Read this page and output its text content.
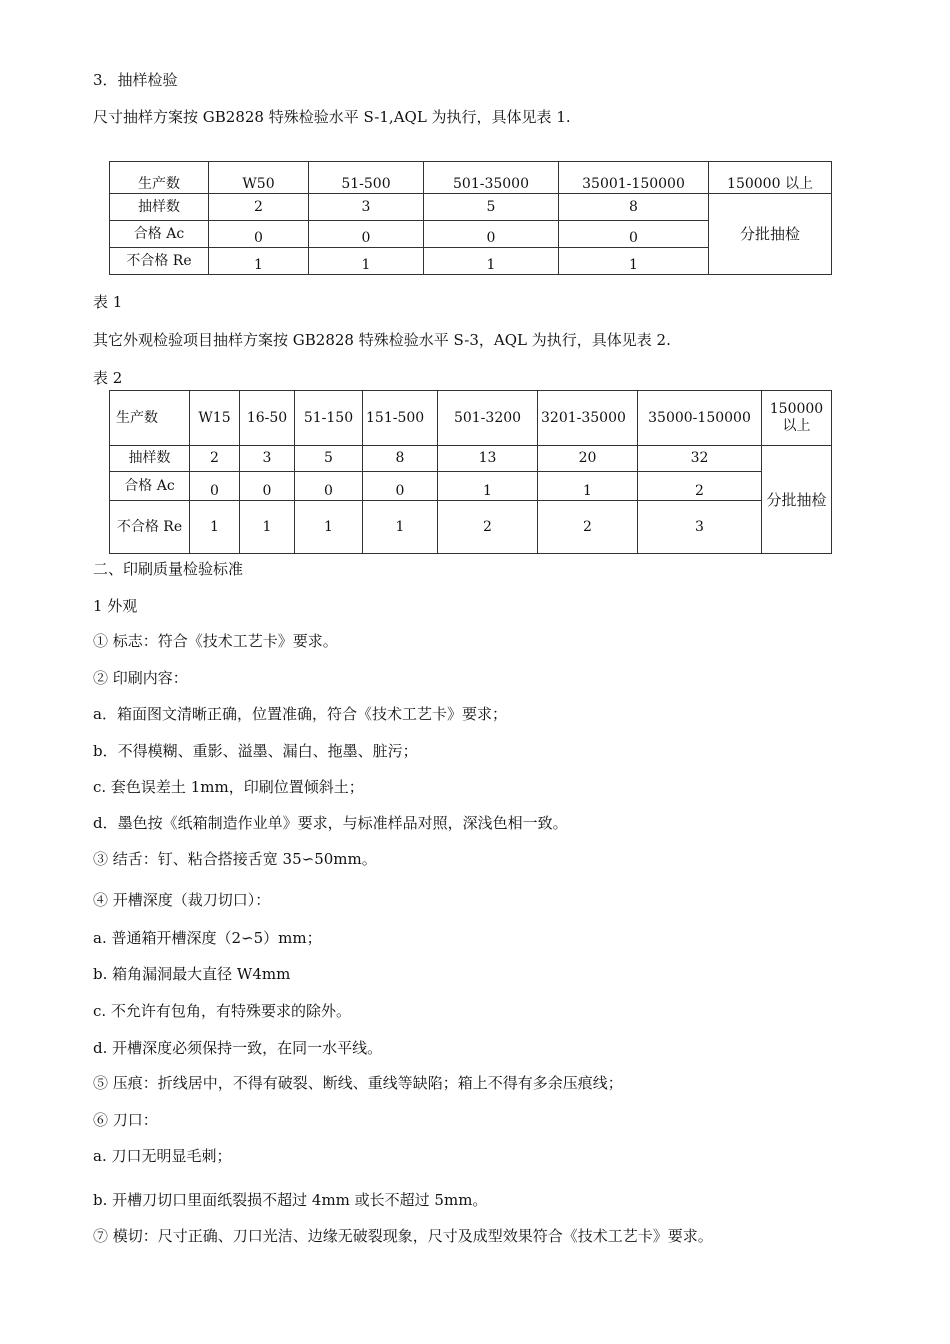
3．抽样检验
尺寸抽样方案按 GB2828 特殊检验水平 S-1,AQL 为执行，具体见表 1.
生产数	W50	51-500	501-35000	35001-150000	150000 以上
抽样数	2	3	5	8	分批抽检
合格 Ac	0	0	0	0	
不合格 Re	1	1	1	1	
表 1
其它外观检验项目抽样方案按 GB2828 特殊检验水平 S-3，AQL 为执行，具体见表 2.
表 2
生产数	W15	16-50	51-150	151-500	501-3200	3201-35000	35000-150000	150000 以上
抽样数	2	3	5	8	13	20	32	分批抽检
合格 Ac	0	0	0	0	1	1	2	
不合格 Re	1	1	1	1	2	2	3	
二、印刷质量检验标准
1 外观
① 标志：符合《技术工艺卡》要求。
② 印刷内容：
a．箱面图文清晰正确，位置准确，符合《技术工艺卡》要求；
b．不得模糊、重影、溢墨、漏白、拖墨、脏污；
c. 套色误差土 1mm，印刷位置倾斜土；
d．墨色按《纸箱制造作业单》要求，与标准样品对照，深浅色相一致。
③ 结舌：钉、粘合搭接舌宽 35∽50mm。
④ 开槽深度（裁刀切口）：
a. 普通箱开槽深度（2∽5）mm；
b. 箱角漏洞最大直径 W4mm
c. 不允许有包角，有特殊要求的除外。
d. 开槽深度必须保持一致，在同一水平线。
⑤ 压痕：折线居中，不得有破裂、断线、重线等缺陷；箱上不得有多余压痕线；
⑥ 刀口：
a. 刀口无明显毛刺；
b. 开槽刀切口里面纸裂损不超过 4mm 或长不超过 5mm。
⑦ 模切：尺寸正确、刀口光洁、边缘无破裂现象，尺寸及成型效果符合《技术工艺卡》要求。
